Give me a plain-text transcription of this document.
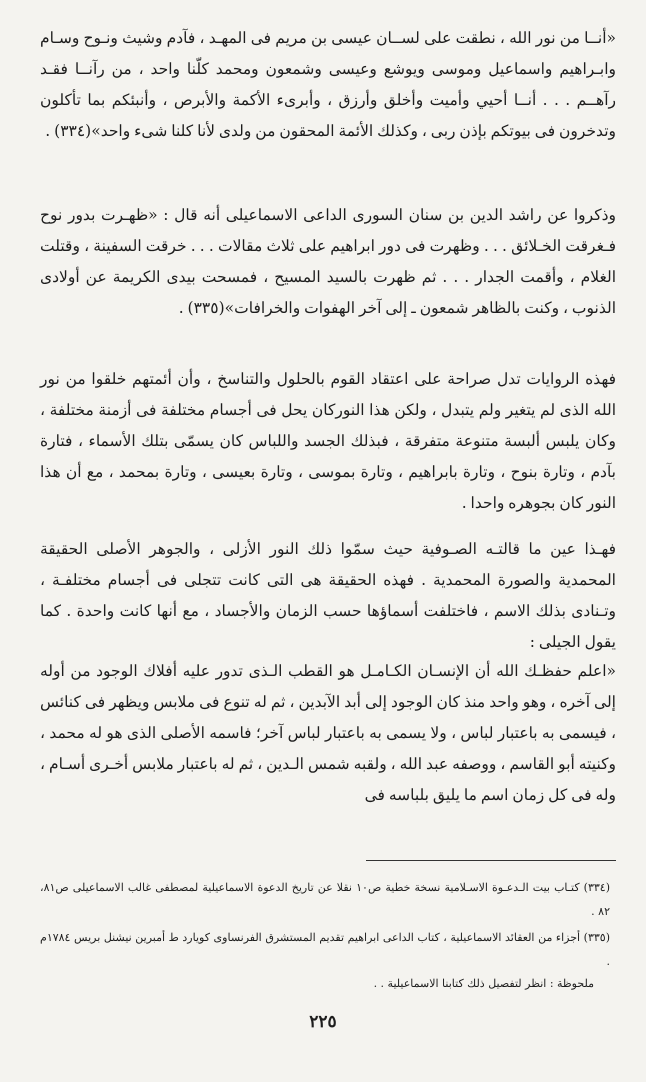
«أنــا من نور الله ، نطقت على لســان عيسى بن مريم فى المهـد ، فآدم وشيث ونـوح وسـام وابـراهيم واسماعيل وموسى ويوشع وعيسى وشمعون ومحمد كلّنا واحد ، من رآنــا فقـد رآهــم . . . أنــا أحيي وأميت وأخلق وأرزق ، وأبرىء الأكمة والأبرص ، وأنبئكم بما تأكلون وتدخرون فى بيوتكم بإذن ربى ، وكذلك الأئمة المحقون من ولدى لأنا كلنا شىء واحد»(٣٣٤) .

وذكروا عن راشد الدين بن سنان السورى الداعى الاسماعيلى أنه قال : «ظهـرت بدور نوح فـغرقت الخـلائق . . . وظهرت فى دور ابراهيم على ثلاث مقالات . . . خرقت السفينة ، وقتلت الغلام ، وأقمت الجدار . . . ثم ظهرت بالسيد المسيح ، فمسحت بيدى الكريمة عن أولادى الذنوب ، وكنت بالظاهر شمعون ـ إلى آخر الهفوات والخرافات»(٣٣٥) .

فهذه الروايات تدل صراحة على اعتقاد القوم بالحلول والتناسخ ، وأن أئمتهم خلقوا من نور الله الذى لم يتغير ولم يتبدل ، ولكن هذا النوركان يحل فى أجسام مختلفة فى أزمنة مختلفة ، وكان يلبس ألبسة متنوعة متفرقة ، فبذلك الجسد واللباس كان يسمّى بتلك الأسماء ، فتارة بآدم ، وتارة بنوح ، وتارة بابراهيم ، وتارة بموسى ، وتارة بعيسى ، وتارة بمحمد ، مع أن هذا النور كان بجوهره واحدا .

فهـذا عين ما قالتـه الصـوفية حيث سمّوا ذلك النور الأزلى ، والجوهر الأصلى الحقيقة المحمدية والصورة المحمدية . فهذه الحقيقة هى التى كانت تتجلى فى أجسام مختلفـة ، وتـنادى بذلك الاسم ، فاختلفت أسماؤها حسب الزمان والأجساد ، مع أنها كانت واحدة . كما يقول الجيلى :

«اعلم حفظـك الله أن الإنسـان الكـامـل هو القطب الـذى تدور عليه أفلاك الوجود من أوله إلى آخره ، وهو واحد منذ كان الوجود إلى أبد الآبدين ، ثم له تنوع فى ملابس ويظهر فى كنائس ، فيسمى به باعتبار لباس ، ولا يسمى به باعتبار لباس آخر؛ فاسمه الأصلى الذى هو له محمد ، وكنيته أبو القاسم ، ووصفه عبد الله ، ولقبه شمس الـدين ، ثم له باعتبار ملابس أخـرى أسـام ، وله فى كل زمان اسم ما يليق بلباسه فى

(٣٣٤) كتـاب بيت الـدعـوة الاسـلامية نسخة خطية ص١٠ نقلا عن تاريخ الدعوة الاسماعيلية لمصطفى غالب الاسماعيلى ص٨١، ٨٢ .

(٣٣٥) أجزاء من العقائد الاسماعيلية ، كتاب الداعى ابراهيم تقديم المستشرق الفرنساوى كويارد ط أمبرين نيشنل بريس ١٧٨٤م .

ملحوظة : انظر لتفصيل ذلك كتابنا الاسماعيلية . .

٢٢٥
